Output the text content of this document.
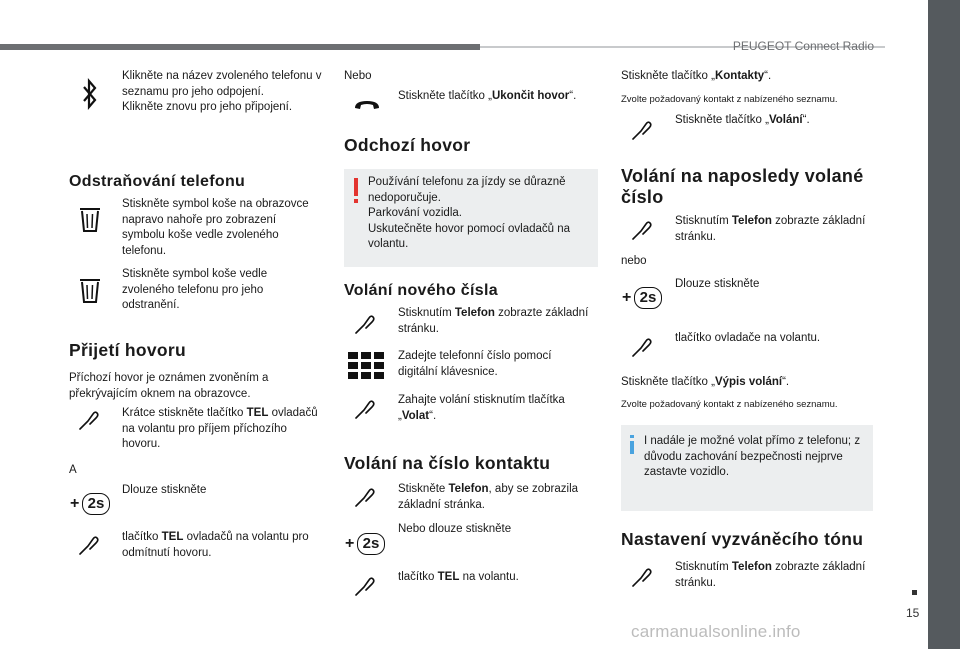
PEUGEOT Connect Radio
15
carmanualsonline.info
Klikněte na název zvoleného telefonu v seznamu pro jeho odpojení.
Klikněte znovu pro jeho připojení.
Odstraňování telefonu
Stiskněte symbol koše na obrazovce napravo nahoře pro zobrazení symbolu koše vedle zvoleného telefonu.
Stiskněte symbol koše vedle zvoleného telefonu pro jeho odstranění.
Přijetí hovoru
Příchozí hovor je oznámen zvoněním a překrývajícím oknem na obrazovce.
Krátce stiskněte tlačítko TEL ovladačů na volantu pro příjem příchozího hovoru.
A
+ 2s
Dlouze stiskněte
tlačítko TEL ovladačů na volantu pro odmítnutí hovoru.
Nebo
Stiskněte tlačítko „Ukončit hovor“.
Odchozí hovor
Používání telefonu za jízdy se důrazně nedoporučuje.
Parkování vozidla.
Uskutečněte hovor pomocí ovladačů na volantu.
Volání nového čísla
Stisknutím Telefon zobrazte základní stránku.
Zadejte telefonní číslo pomocí digitální klávesnice.
Zahajte volání stisknutím tlačítka „Volat“.
Volání na číslo kontaktu
Stiskněte Telefon, aby se zobrazila základní stránka.
+ 2s
Nebo dlouze stiskněte
tlačítko TEL na volantu.
Stiskněte tlačítko „Kontakty“.
Zvolte požadovaný kontakt z nabízeného seznamu.
Stiskněte tlačítko „Volání“.
Volání na naposledy volané
číslo
Stisknutím Telefon zobrazte základní stránku.
nebo
+ 2s
Dlouze stiskněte
tlačítko ovladače na volantu.
Stiskněte tlačítko „Výpis volání“.
Zvolte požadovaný kontakt z nabízeného seznamu.
I nadále je možné volat přímo z telefonu; z důvodu zachování bezpečnosti nejprve zastavte vozidlo.
Nastavení vyzváněcího tónu
Stisknutím Telefon zobrazte základní stránku.
